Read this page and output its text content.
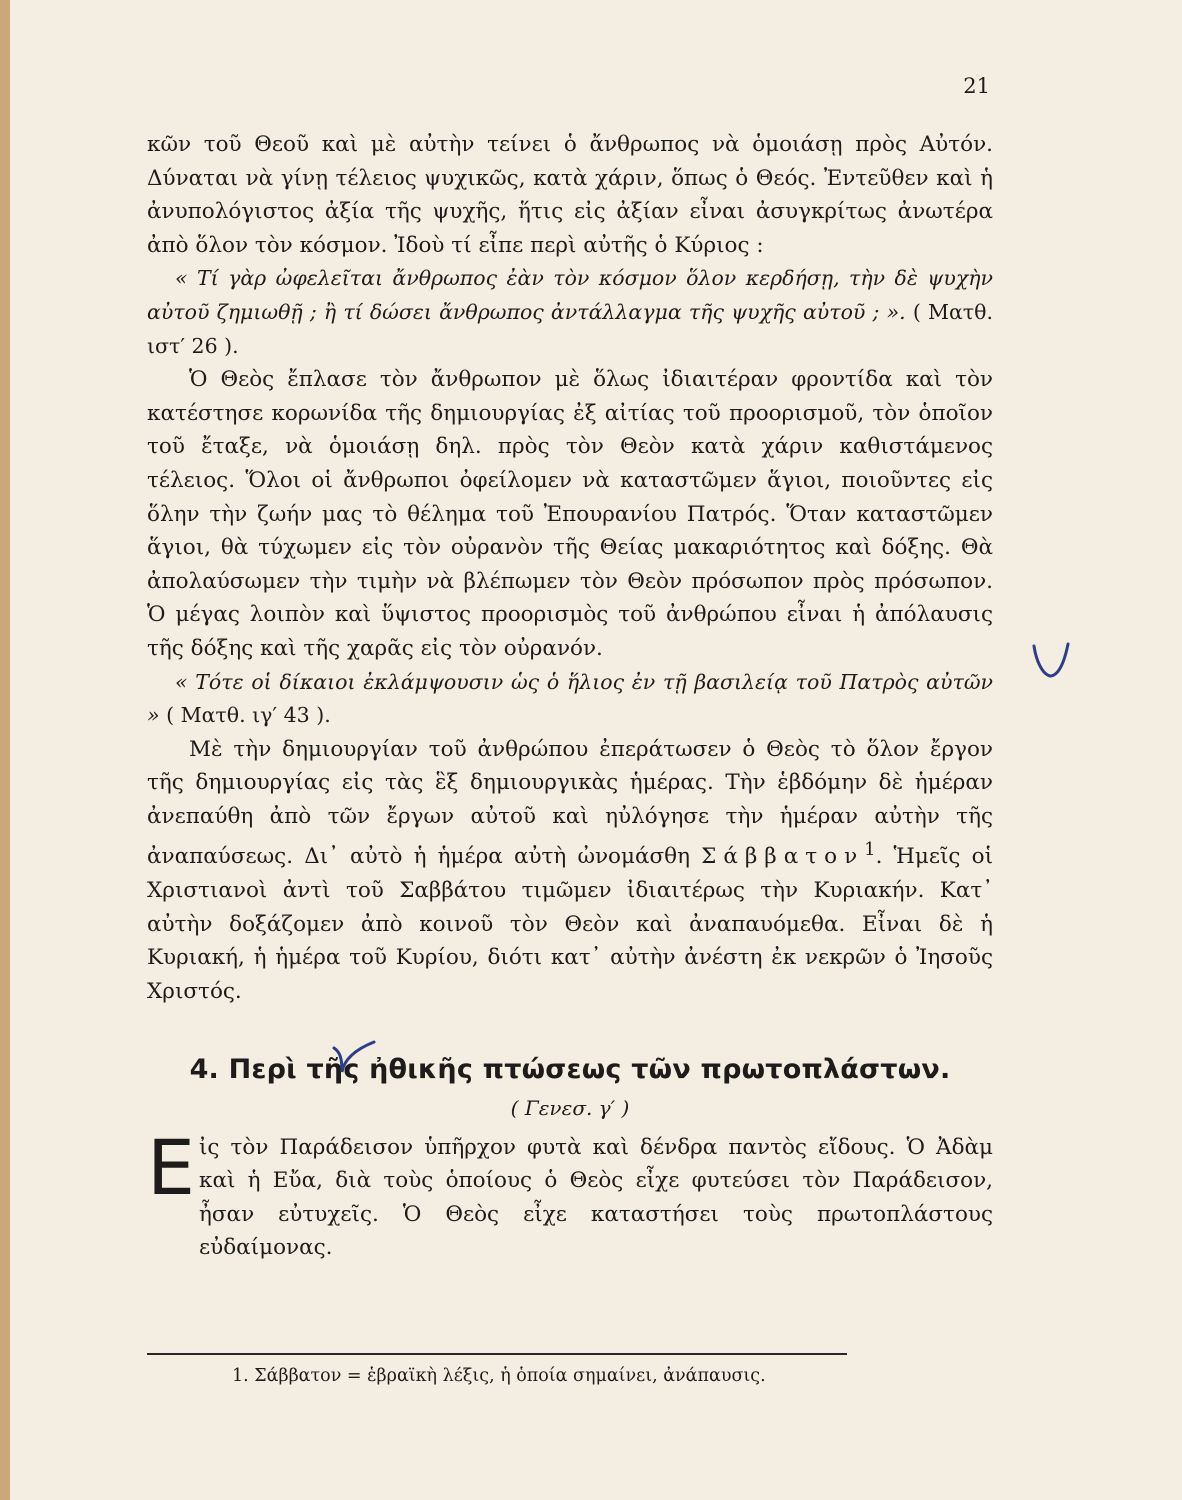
21

κῶν τοῦ Θεοῦ καὶ μὲ αὐτὴν τείνει ὁ ἄνθρωπος νὰ ὁμοιάσῃ πρὸς Αὐτόν. Δύναται νὰ γίνῃ τέλειος ψυχικῶς, κατὰ χάριν, ὅπως ὁ Θεός. Ἐντεῦθεν καὶ ἡ ἀνυπολόγιστος ἀξία τῆς ψυχῆς, ἥτις εἰς ἀξίαν εἶναι ἀσυγκρίτως ἀνωτέρα ἀπὸ ὅλον τὸν κόσμον. Ἰδοὺ τί εἶπε περὶ αὐτῆς ὁ Κύριος :

« Τί γὰρ ὠφελεῖται ἄνθρωπος ἐὰν τὸν κόσμον ὅλον κερδήσῃ, τὴν δὲ ψυχὴν αὐτοῦ ζημιωθῇ ; ἢ τί δώσει ἄνθρωπος ἀντάλλαγμα τῆς ψυχῆς αὐτοῦ ; ». ( Ματθ. ιστ′ 26 ).

Ὁ Θεὸς ἔπλασε τὸν ἄνθρωπον μὲ ὅλως ἰδιαιτέραν φροντίδα καὶ τὸν κατέστησε κορωνίδα τῆς δημιουργίας ἐξ αἰτίας τοῦ προορισμοῦ, τὸν ὁποῖον τοῦ ἔταξε, νὰ ὁμοιάσῃ δηλ. πρὸς τὸν Θεὸν κατὰ χάριν καθιστάμενος τέλειος. Ὅλοι οἱ ἄνθρωποι ὀφείλομεν νὰ καταστῶμεν ἅγιοι, ποιοῦντες εἰς ὅλην τὴν ζωήν μας τὸ θέλημα τοῦ Ἐπουρανίου Πατρός. Ὅταν καταστῶμεν ἅγιοι, θὰ τύχωμεν εἰς τὸν οὐρανὸν τῆς Θείας μακαριότητος καὶ δόξης. Θὰ ἀπολαύσωμεν τὴν τιμὴν νὰ βλέπωμεν τὸν Θεὸν πρόσωπον πρὸς πρόσωπον. Ὁ μέγας λοιπὸν καὶ ὕψιστος προορισμὸς τοῦ ἀνθρώπου εἶναι ἡ ἀπόλαυσις τῆς δόξης καὶ τῆς χαρᾶς εἰς τὸν οὐρανόν.

« Τότε οἱ δίκαιοι ἐκλάμψουσιν ὡς ὁ ἥλιος ἐν τῇ βασιλείᾳ τοῦ Πατρὸς αὐτῶν » ( Ματθ. ιγ′ 43 ).

Μὲ τὴν δημιουργίαν τοῦ ἀνθρώπου ἐπεράτωσεν ὁ Θεὸς τὸ ὅλον ἔργον τῆς δημιουργίας εἰς τὰς ἓξ δημιουργικὰς ἡμέρας. Τὴν ἑβδόμην δὲ ἡμέραν ἀνεπαύθη ἀπὸ τῶν ἔργων αὐτοῦ καὶ ηὐλόγησε τὴν ἡμέραν αὐτὴν τῆς ἀναπαύσεως. Δι᾽ αὐτὸ ἡ ἡμέρα αὐτὴ ὠνομάσθη Σάββατον$^1$. Ἡμεῖς οἱ Χριστιανοὶ ἀντὶ τοῦ Σαββάτου τιμῶμεν ἰδιαιτέρως τὴν Κυριακήν. Κατ᾽ αὐτὴν δοξάζομεν ἀπὸ κοινοῦ τὸν Θεὸν καὶ ἀναπαυόμεθα. Εἶναι δὲ ἡ Κυριακή, ἡ ἡμέρα τοῦ Κυρίου, διότι κατ᾽ αὐτὴν ἀνέστη ἐκ νεκρῶν ὁ Ἰησοῦς Χριστός.

4. Περὶ τῆς ἠθικῆς πτώσεως τῶν πρωτοπλάστων.
( Γενεσ. γ′ )

Ε ἰς τὸν Παράδεισον ὑπῆρχον φυτὰ καὶ δένδρα παντὸς εἴδους. Ὁ Ἀδὰμ καὶ ἡ Εὔα, διὰ τοὺς ὁποίους ὁ Θεὸς εἶχε φυτεύσει τὸν Παράδεισον, ἦσαν εὐτυχεῖς. Ὁ Θεὸς εἶχε καταστήσει τοὺς πρωτοπλάστους εὐδαίμονας.

1. Σάββατον = ἑβραϊκὴ λέξις, ἡ ὁποία σημαίνει, ἀνάπαυσις.
